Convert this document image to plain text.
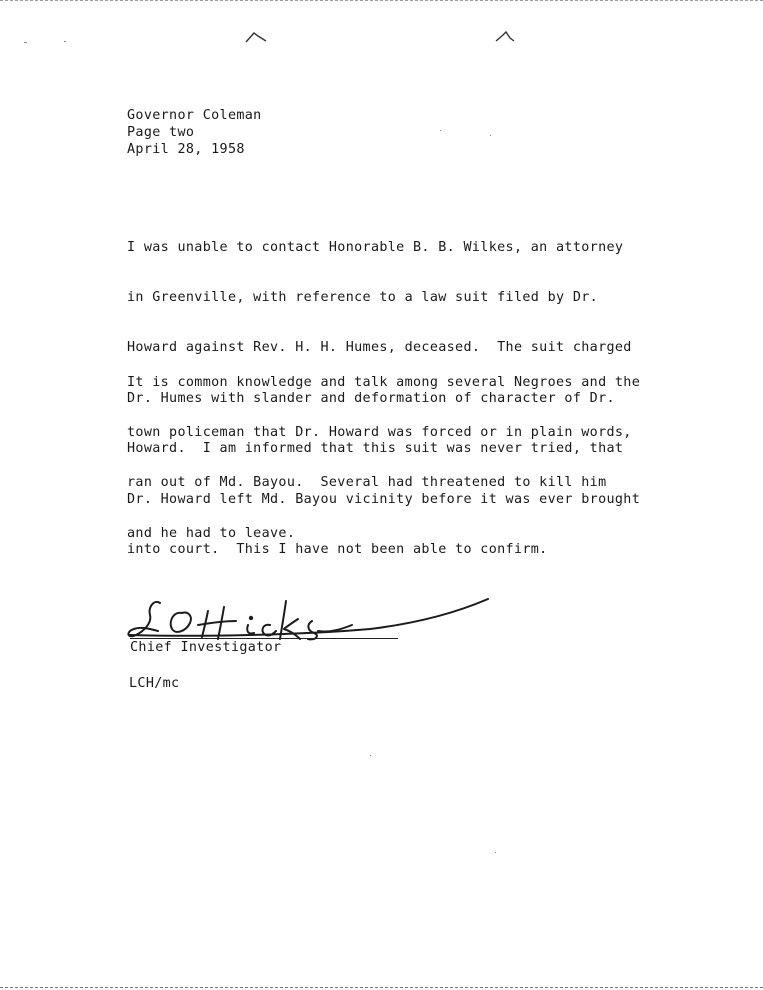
Governor Coleman
Page two
April 28, 1958

I was unable to contact Honorable B. B. Wilkes, an attorney

in Greenville, with reference to a law suit filed by Dr.

Howard against Rev. H. H. Humes, deceased.  The suit charged

Dr. Humes with slander and deformation of character of Dr.

Howard.  I am informed that this suit was never tried, that

Dr. Howard left Md. Bayou vicinity before it was ever brought

into court.  This I have not been able to confirm.

It is common knowledge and talk among several Negroes and the

town policeman that Dr. Howard was forced or in plain words,

ran out of Md. Bayou.  Several had threatened to kill him

and he had to leave.

Chief Investigator
LCH/mc
